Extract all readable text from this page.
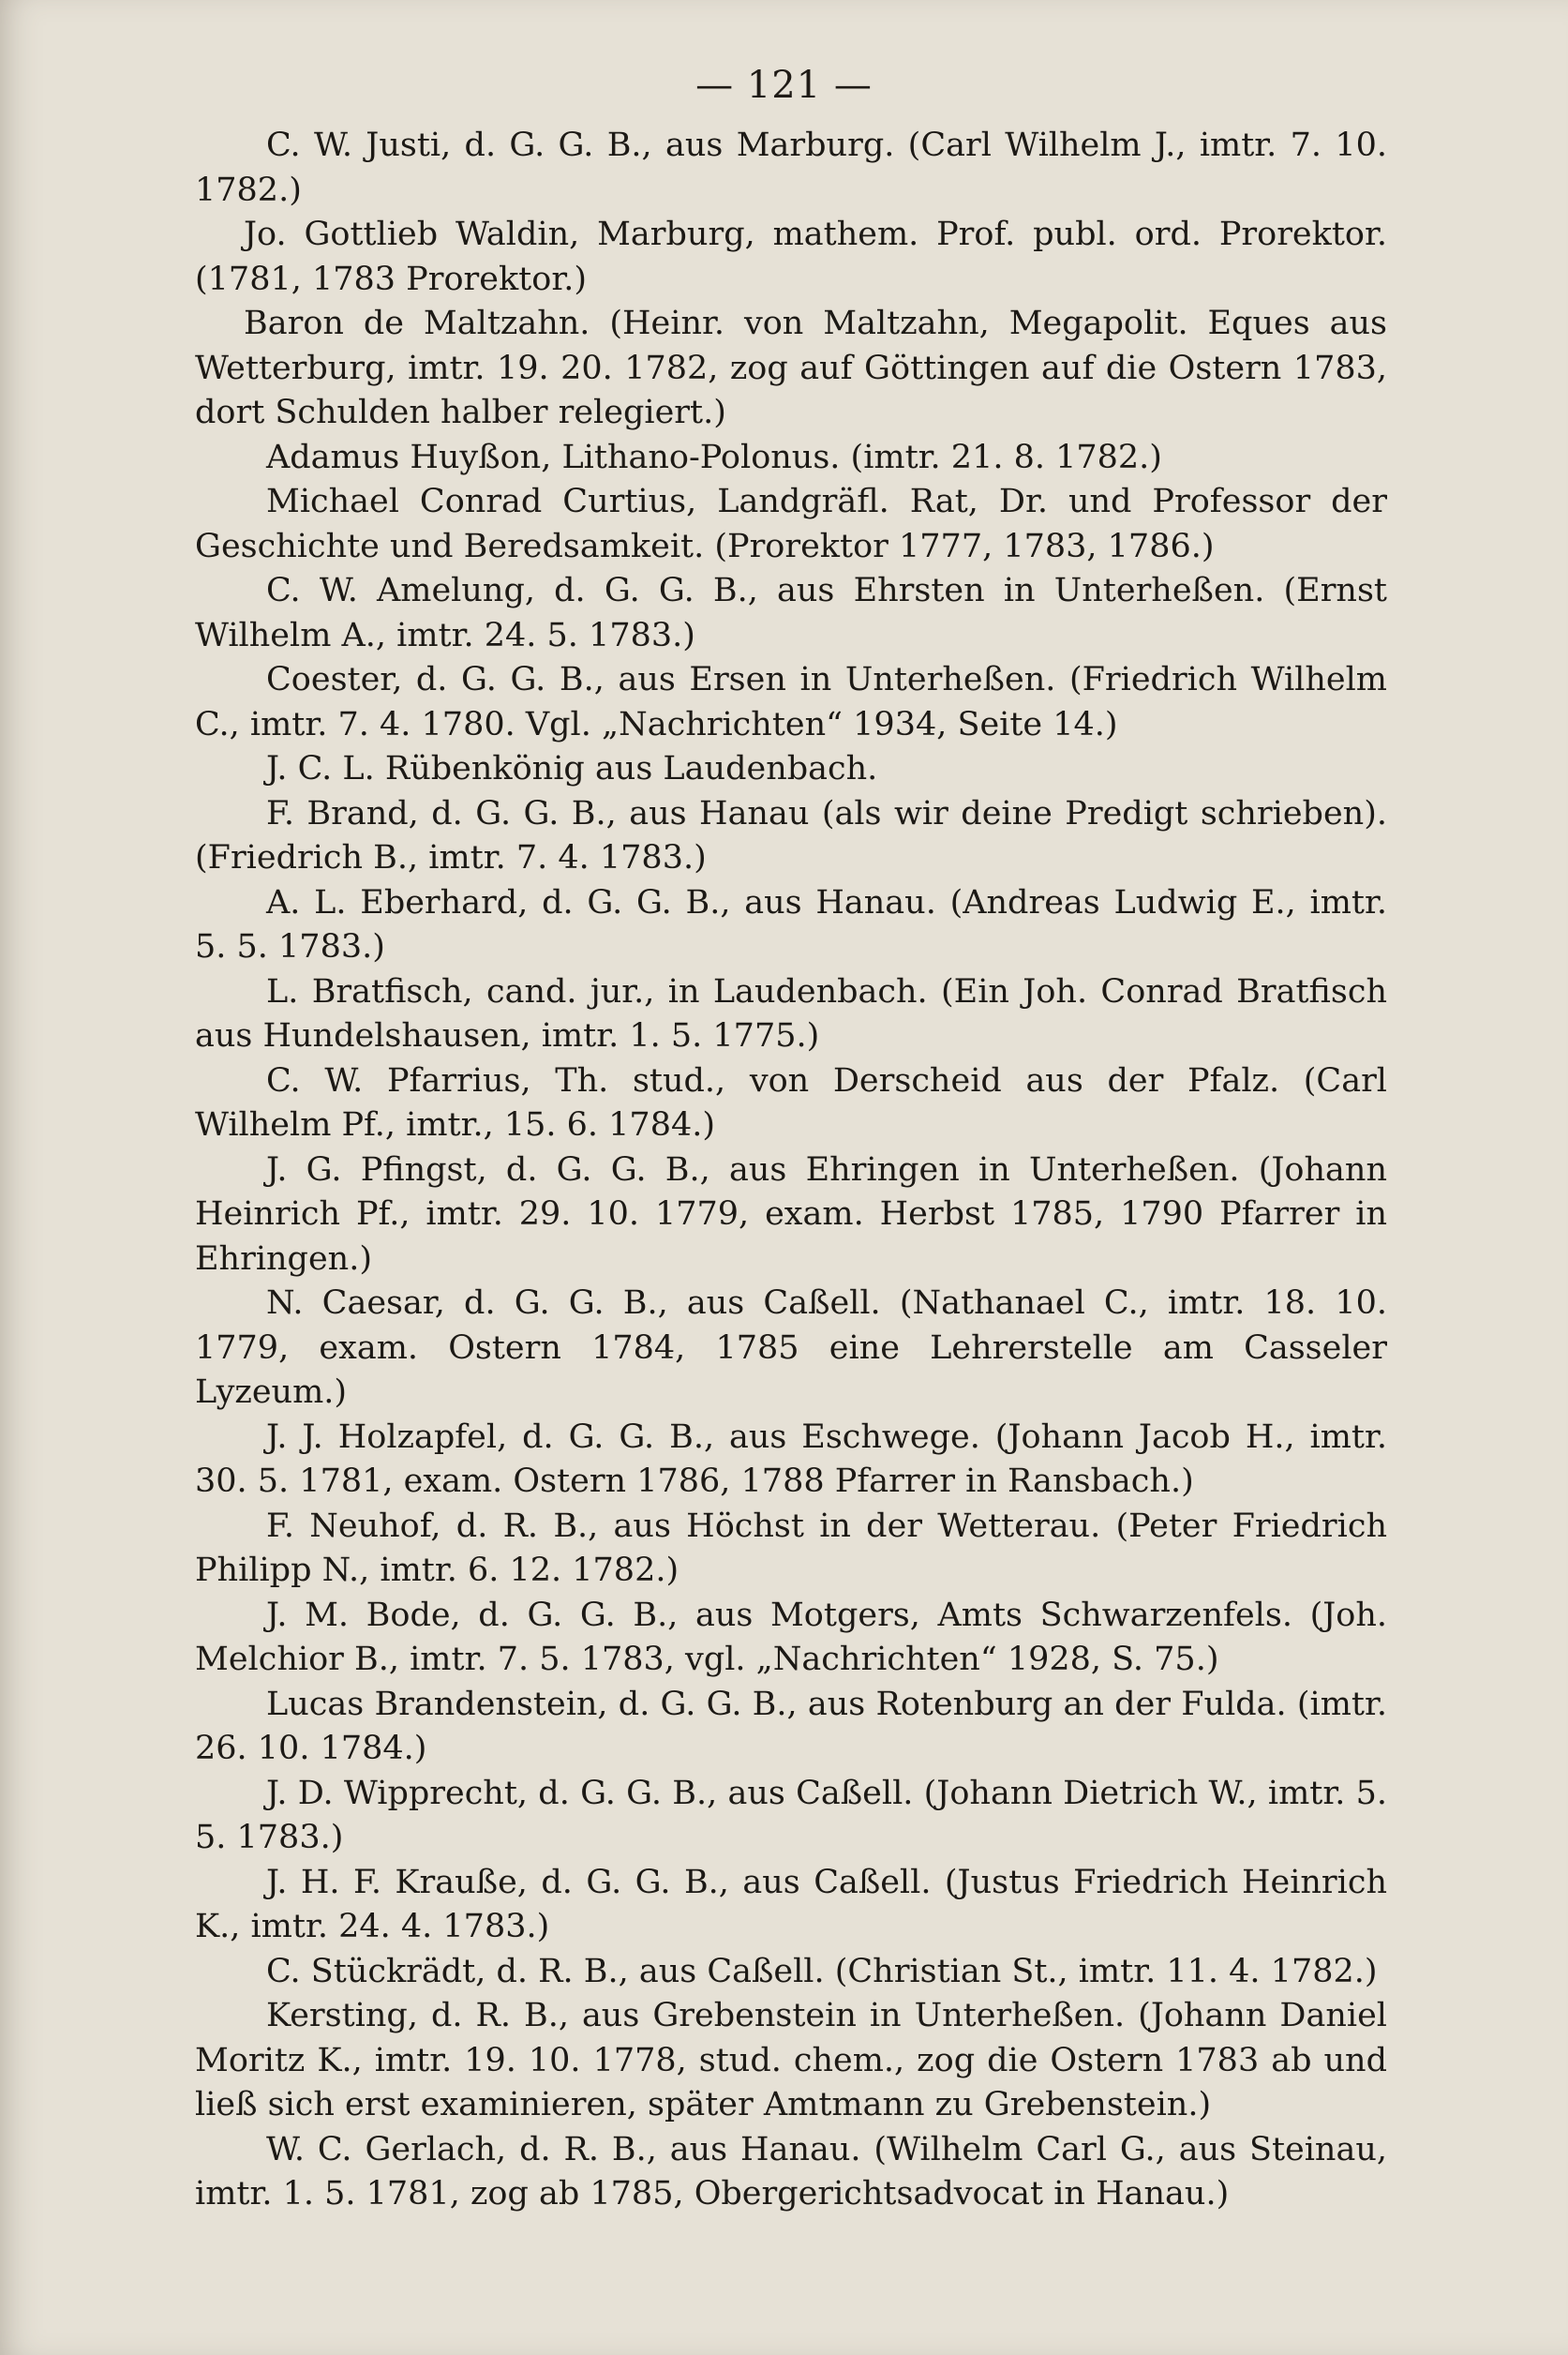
— 121 —

C. W. Justi, d. G. G. B., aus Marburg. (Carl Wilhelm J., imtr. 7. 10. 1782.)

Jo. Gottlieb Waldin, Marburg, mathem. Prof. publ. ord. Prorektor. (1781, 1783 Prorektor.)

Baron de Maltzahn. (Heinr. von Maltzahn, Megapolit. Eques aus Wetterburg, imtr. 19. 20. 1782, zog auf Göttingen auf die Ostern 1783, dort Schulden halber relegiert.)

Adamus Huyßon, Lithano-Polonus. (imtr. 21. 8. 1782.)

Michael Conrad Curtius, Landgräfl. Rat, Dr. und Professor der Geschichte und Beredsamkeit. (Prorektor 1777, 1783, 1786.)

C. W. Amelung, d. G. G. B., aus Ehrsten in Unterheßen. (Ernst Wilhelm A., imtr. 24. 5. 1783.)

Coester, d. G. G. B., aus Ersen in Unterheßen. (Friedrich Wilhelm C., imtr. 7. 4. 1780. Vgl. „Nachrichten“ 1934, Seite 14.)

J. C. L. Rübenkönig aus Laudenbach.

F. Brand, d. G. G. B., aus Hanau (als wir deine Predigt schrieben). (Friedrich B., imtr. 7. 4. 1783.)

A. L. Eberhard, d. G. G. B., aus Hanau. (Andreas Ludwig E., imtr. 5. 5. 1783.)

L. Bratfisch, cand. jur., in Laudenbach. (Ein Joh. Conrad Bratfisch aus Hundelshausen, imtr. 1. 5. 1775.)

C. W. Pfarrius, Th. stud., von Derscheid aus der Pfalz. (Carl Wilhelm Pf., imtr., 15. 6. 1784.)

J. G. Pfingst, d. G. G. B., aus Ehringen in Unterheßen. (Johann Heinrich Pf., imtr. 29. 10. 1779, exam. Herbst 1785, 1790 Pfarrer in Ehringen.)

N. Caesar, d. G. G. B., aus Caßell. (Nathanael C., imtr. 18. 10. 1779, exam. Ostern 1784, 1785 eine Lehrerstelle am Casseler Lyzeum.)

J. J. Holzapfel, d. G. G. B., aus Eschwege. (Johann Jacob H., imtr. 30. 5. 1781, exam. Ostern 1786, 1788 Pfarrer in Ransbach.)

F. Neuhof, d. R. B., aus Höchst in der Wetterau. (Peter Friedrich Philipp N., imtr. 6. 12. 1782.)

J. M. Bode, d. G. G. B., aus Motgers, Amts Schwarzenfels. (Joh. Melchior B., imtr. 7. 5. 1783, vgl. „Nachrichten“ 1928, S. 75.)

Lucas Brandenstein, d. G. G. B., aus Rotenburg an der Fulda. (imtr. 26. 10. 1784.)

J. D. Wipprecht, d. G. G. B., aus Caßell. (Johann Dietrich W., imtr. 5. 5. 1783.)

J. H. F. Kraußе, d. G. G. B., aus Caßell. (Justus Friedrich Heinrich K., imtr. 24. 4. 1783.)

C. Stückrädt, d. R. B., aus Caßell. (Christian St., imtr. 11. 4. 1782.)

Kersting, d. R. B., aus Grebenstein in Unterheßen. (Johann Daniel Moritz K., imtr. 19. 10. 1778, stud. chem., zog die Ostern 1783 ab und ließ sich erst examinieren, später Amtmann zu Grebenstein.)

W. C. Gerlach, d. R. B., aus Hanau. (Wilhelm Carl G., aus Steinau, imtr. 1. 5. 1781, zog ab 1785, Obergerichtsadvocat in Hanau.)
